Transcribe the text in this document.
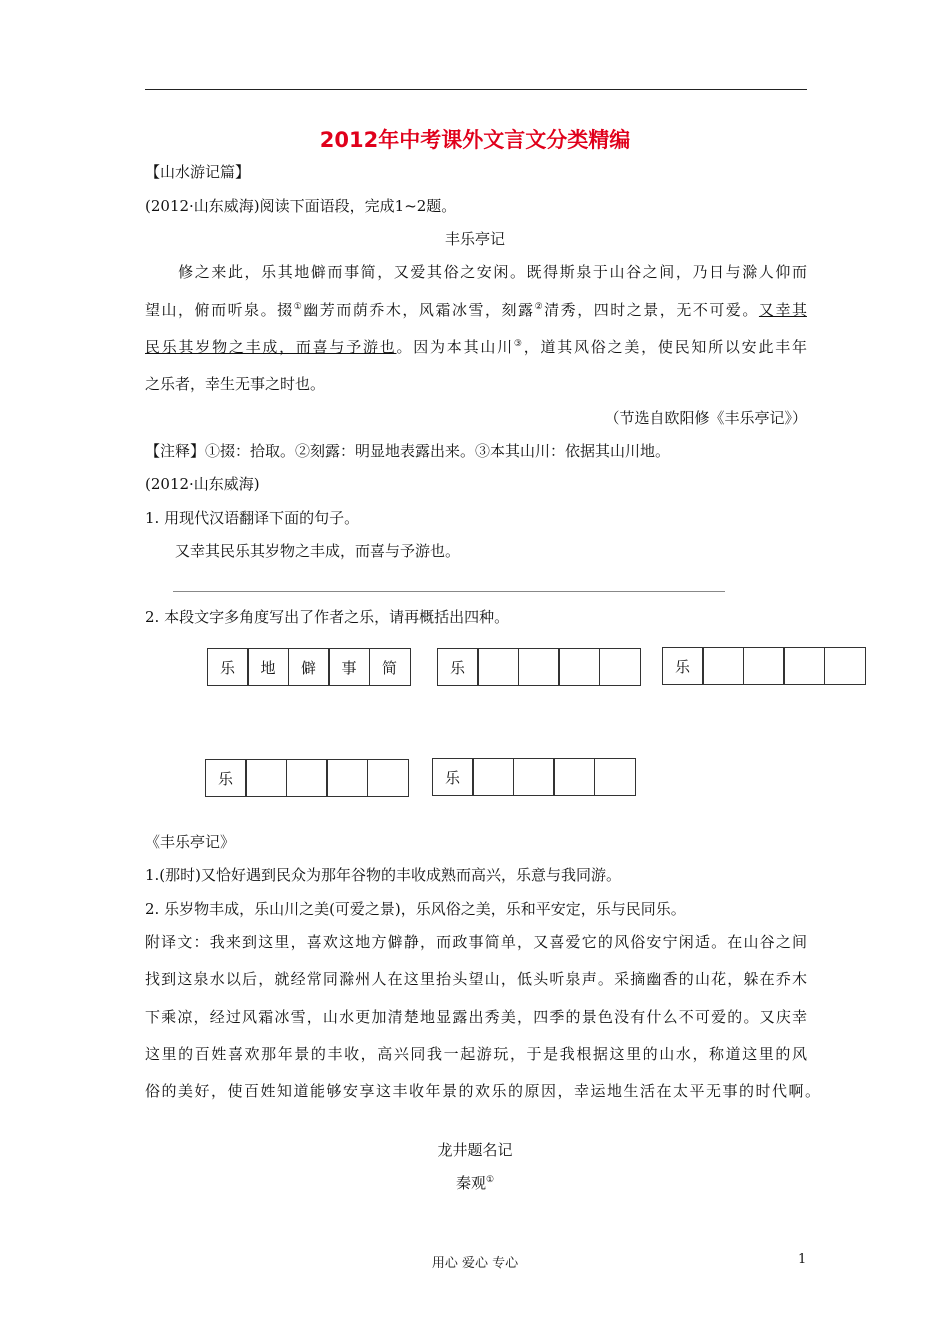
2012年中考课外文言文分类精编
【山水游记篇】
(2012·山东威海)阅读下面语段，完成1~2题。
丰乐亭记
　　修之来此，乐其地僻而事简，又爱其俗之安闲。既得斯泉于山谷之间，乃日与滁人仰而
望山，俯而听泉。掇①幽芳而荫乔木，风霜冰雪，刻露②清秀，四时之景，无不可爱。又幸其
民乐其岁物之丰成，而喜与予游也。因为本其山川③，道其风俗之美，使民知所以安此丰年
之乐者，幸生无事之时也。
（节选自欧阳修《丰乐亭记》）
【注释】①掇：拾取。②刻露：明显地表露出来。③本其山川：依据其山川地。
(2012·山东威海)
1. 用现代汉语翻译下面的句子。
又幸其民乐其岁物之丰成，而喜与予游也。
2. 本段文字多角度写出了作者之乐，请再概括出四种。
乐	地	僻	事	简	乐	乐
乐	乐
《丰乐亭记》
1.(那时)又恰好遇到民众为那年谷物的丰收成熟而高兴，乐意与我同游。
2. 乐岁物丰成，乐山川之美(可爱之景)，乐风俗之美，乐和平安定，乐与民同乐。
附译文：我来到这里，喜欢这地方僻静，而政事简单，又喜爱它的风俗安宁闲适。在山谷之间
找到这泉水以后，就经常同滁州人在这里抬头望山，低头听泉声。采摘幽香的山花，躲在乔木
下乘凉，经过风霜冰雪，山水更加清楚地显露出秀美，四季的景色没有什么不可爱的。又庆幸
这里的百姓喜欢那年景的丰收，高兴同我一起游玩，于是我根据这里的山水，称道这里的风
俗的美好，使百姓知道能够安享这丰收年景的欢乐的原因，幸运地生活在太平无事的时代啊。
龙井题名记
秦观①
用心 爱心 专心	1
